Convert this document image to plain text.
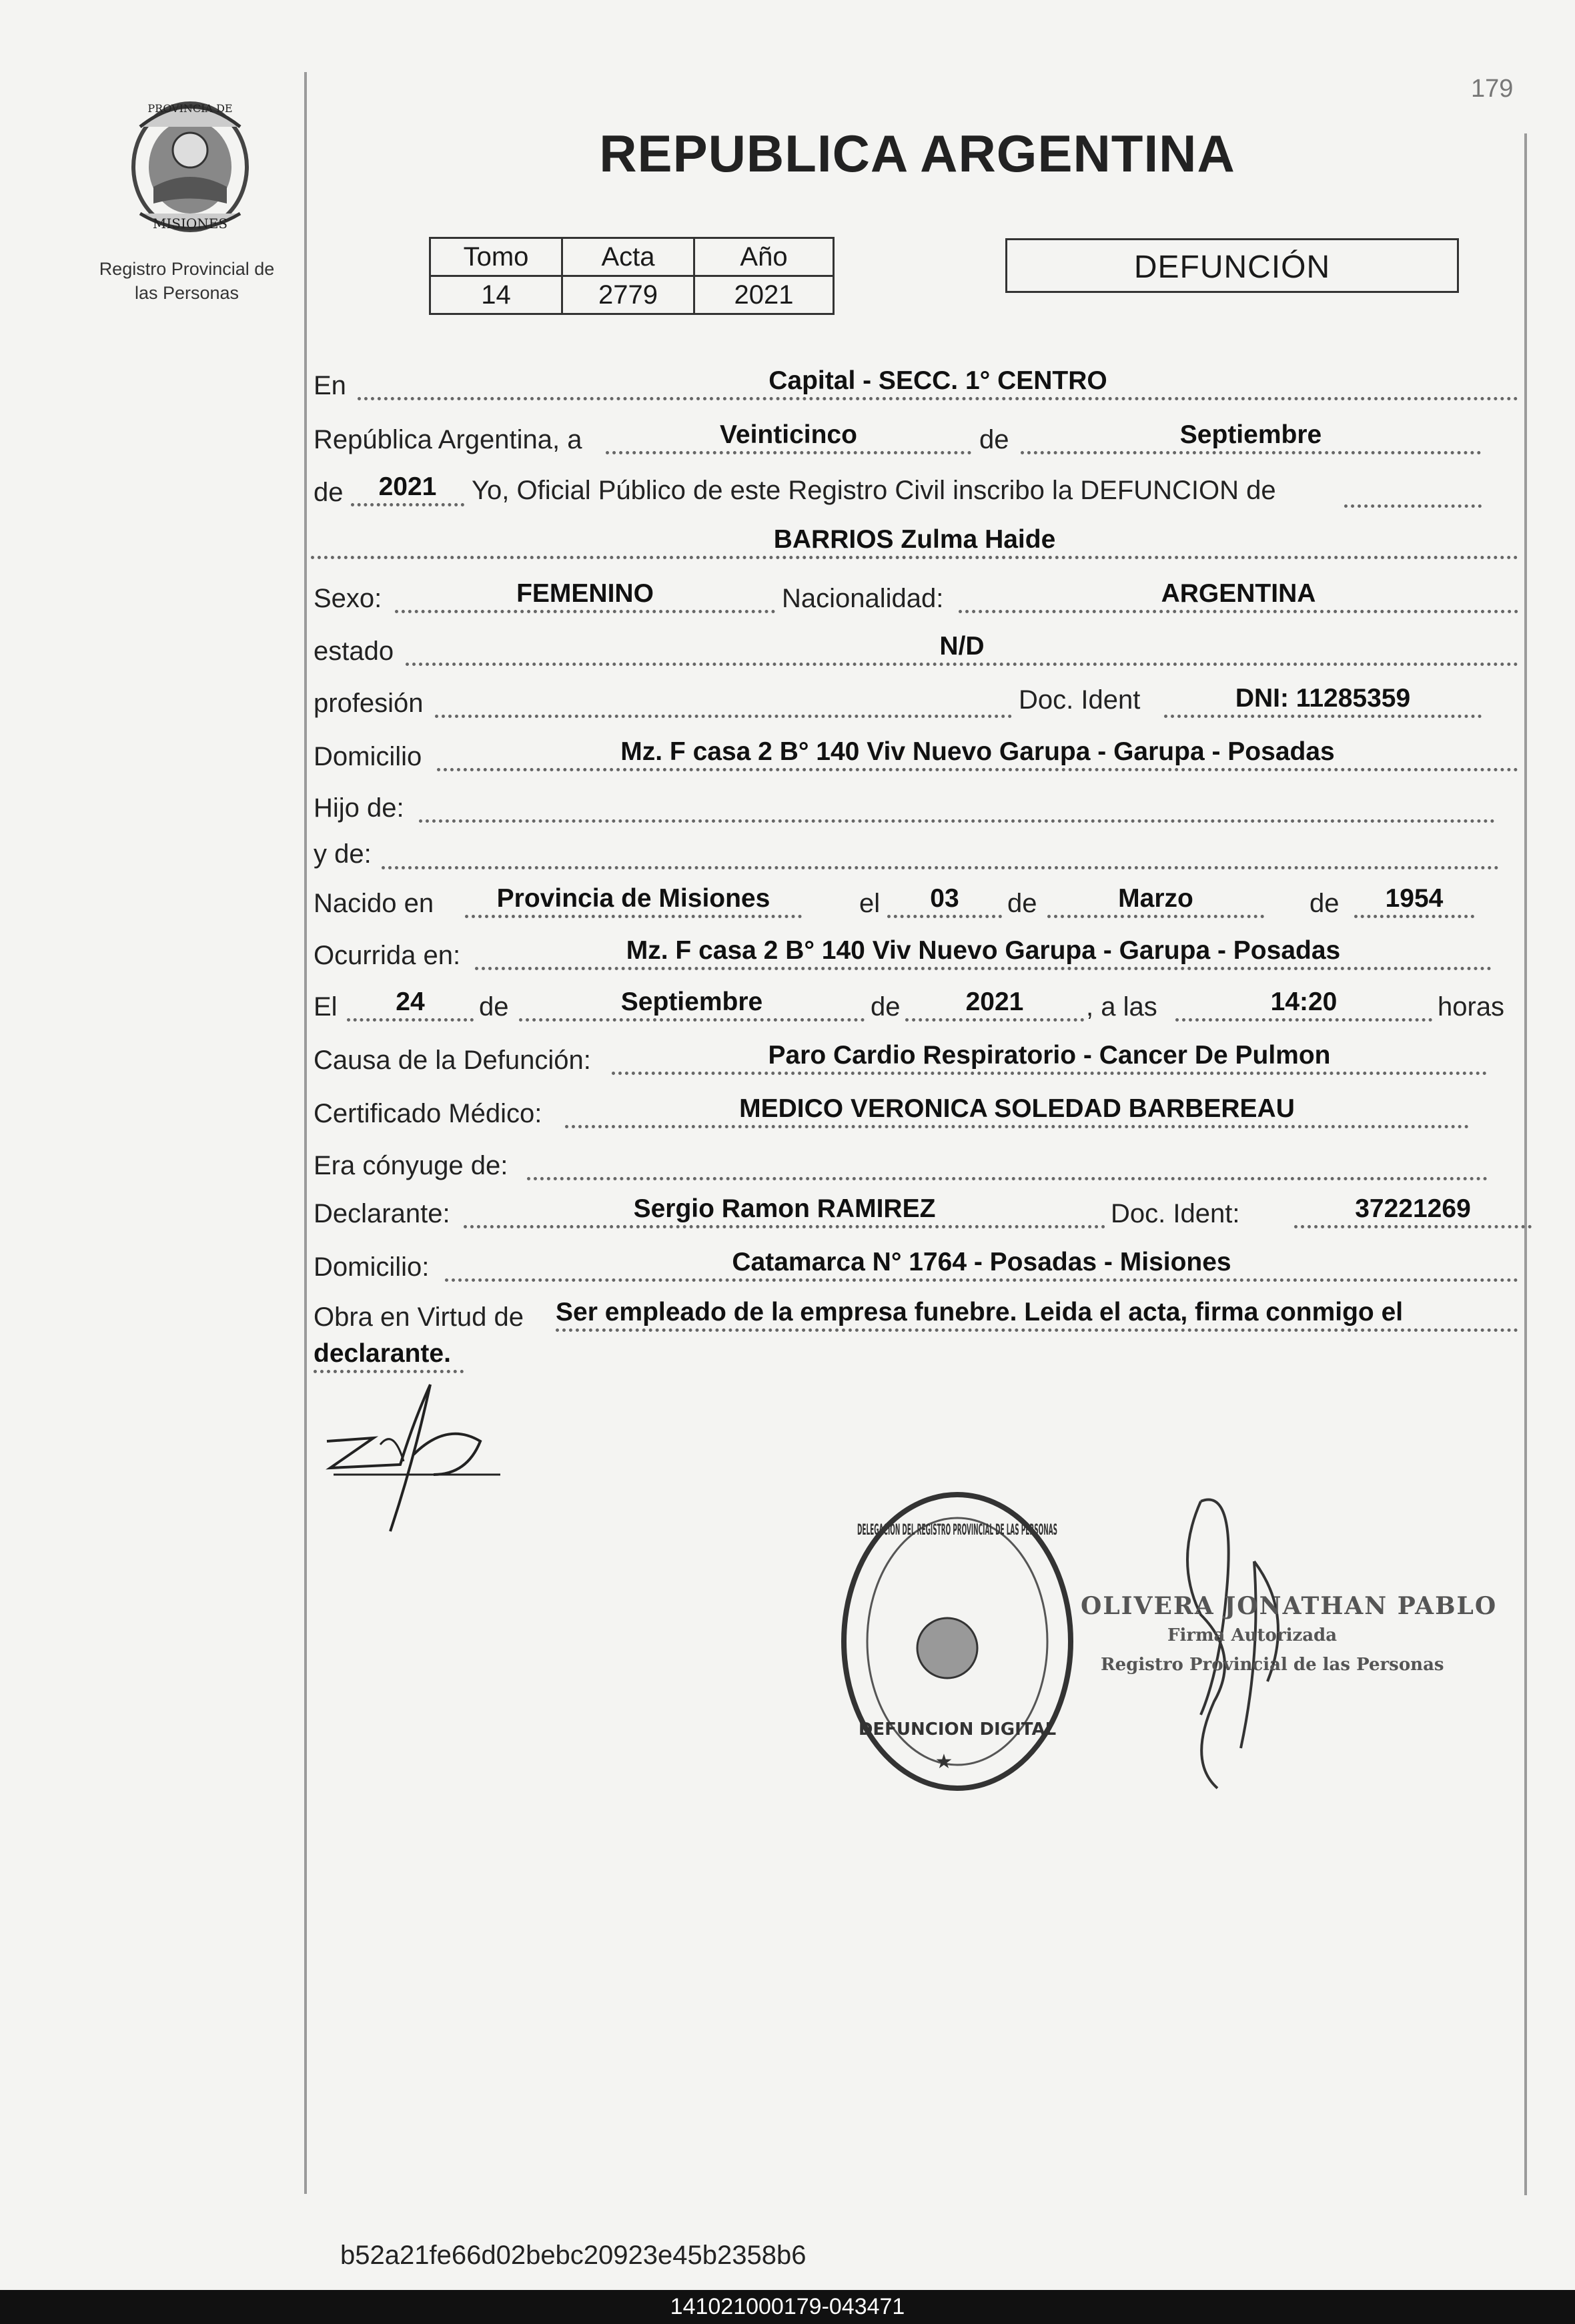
179
PROVINCIA DE
MISIONES
Registro Provincial de
las Personas
REPUBLICA ARGENTINA
Tomo	Acta	Año
14	2779	2021
DEFUNCIÓN
En	Capital - SECC. 1° CENTRO
República Argentina, a	Veinticinco	de	Septiembre
de	2021	Yo, Oficial Público de este Registro Civil inscribo la DEFUNCION de
BARRIOS Zulma Haide
Sexo:	FEMENINO	Nacionalidad:	ARGENTINA
estado	N/D
profesión	Doc. Ident	DNI: 11285359
Domicilio	Mz. F casa 2 B° 140 Viv Nuevo Garupa - Garupa - Posadas
Hijo de:
y de:
Nacido en	Provincia de Misiones	el	03	de	Marzo	de	1954
Ocurrida en:	Mz. F casa 2 B° 140 Viv Nuevo Garupa - Garupa - Posadas
El	24	de	Septiembre	de	2021	, a las	14:20	horas
Causa de la Defunción:	Paro Cardio Respiratorio - Cancer De Pulmon
Certificado Médico:	MEDICO VERONICA SOLEDAD BARBEREAU
Era cónyuge de:
Declarante:	Sergio Ramon RAMIREZ	Doc. Ident:	37221269
Domicilio:	Catamarca N° 1764 - Posadas - Misiones
Obra en Virtud de Ser empleado de la empresa funebre. Leida el acta, firma conmigo el
declarante.
DELEGACION DEL REGISTRO PROVINCIAL DE LAS PERSONAS
DEFUNCION DIGITAL
★
OLIVERA JONATHAN PABLO
Firma Autorizada
Registro Provincial de las Personas
b52a21fe66d02bebc20923e45b2358b6
141021000179-043471
